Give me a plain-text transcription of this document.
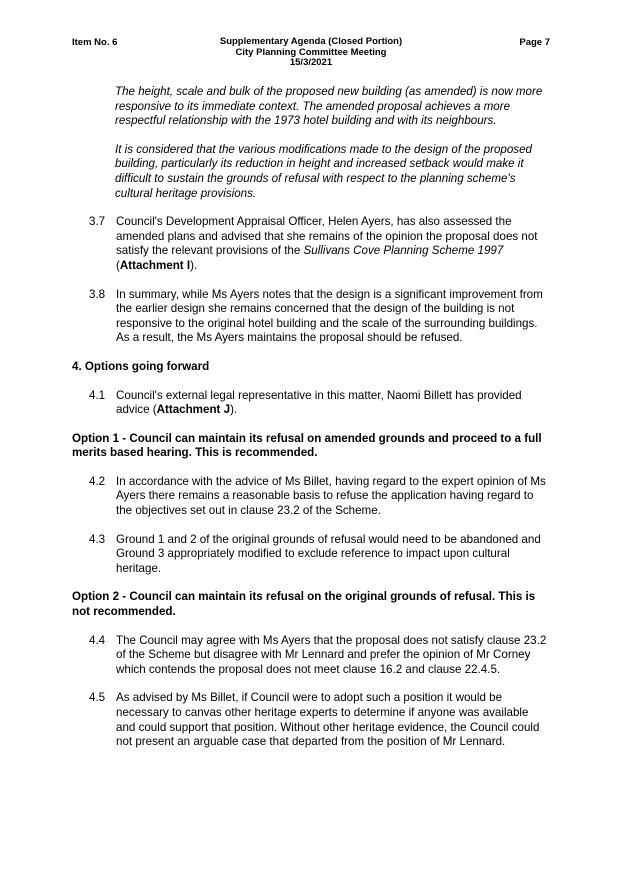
Item No. 6	Supplementary Agenda (Closed Portion)
City Planning Committee Meeting
15/3/2021
Page 7
The height, scale and bulk of the proposed new building (as amended) is now more responsive to its immediate context. The amended proposal achieves a more respectful relationship with the 1973 hotel building and with its neighbours.
It is considered that the various modifications made to the design of the proposed building, particularly its reduction in height and increased setback would make it difficult to sustain the grounds of refusal with respect to the planning scheme's cultural heritage provisions.
3.7 Council's Development Appraisal Officer, Helen Ayers, has also assessed the amended plans and advised that she remains of the opinion the proposal does not satisfy the relevant provisions of the Sullivans Cove Planning Scheme 1997 (Attachment I).
3.8 In summary, while Ms Ayers notes that the design is a significant improvement from the earlier design she remains concerned that the design of the building is not responsive to the original hotel building and the scale of the surrounding buildings. As a result, the Ms Ayers maintains the proposal should be refused.
4. Options going forward
4.1 Council's external legal representative in this matter, Naomi Billett has provided advice (Attachment J).
Option 1 - Council can maintain its refusal on amended grounds and proceed to a full merits based hearing. This is recommended.
4.2 In accordance with the advice of Ms Billet, having regard to the expert opinion of Ms Ayers there remains a reasonable basis to refuse the application having regard to the objectives set out in clause 23.2 of the Scheme.
4.3 Ground 1 and 2 of the original grounds of refusal would need to be abandoned and Ground 3 appropriately modified to exclude reference to impact upon cultural heritage.
Option 2 - Council can maintain its refusal on the original grounds of refusal. This is not recommended.
4.4 The Council may agree with Ms Ayers that the proposal does not satisfy clause 23.2 of the Scheme but disagree with Mr Lennard and prefer the opinion of Mr Corney which contends the proposal does not meet clause 16.2 and clause 22.4.5.
4.5 As advised by Ms Billet, if Council were to adopt such a position it would be necessary to canvas other heritage experts to determine if anyone was available and could support that position. Without other heritage evidence, the Council could not present an arguable case that departed from the position of Mr Lennard.
